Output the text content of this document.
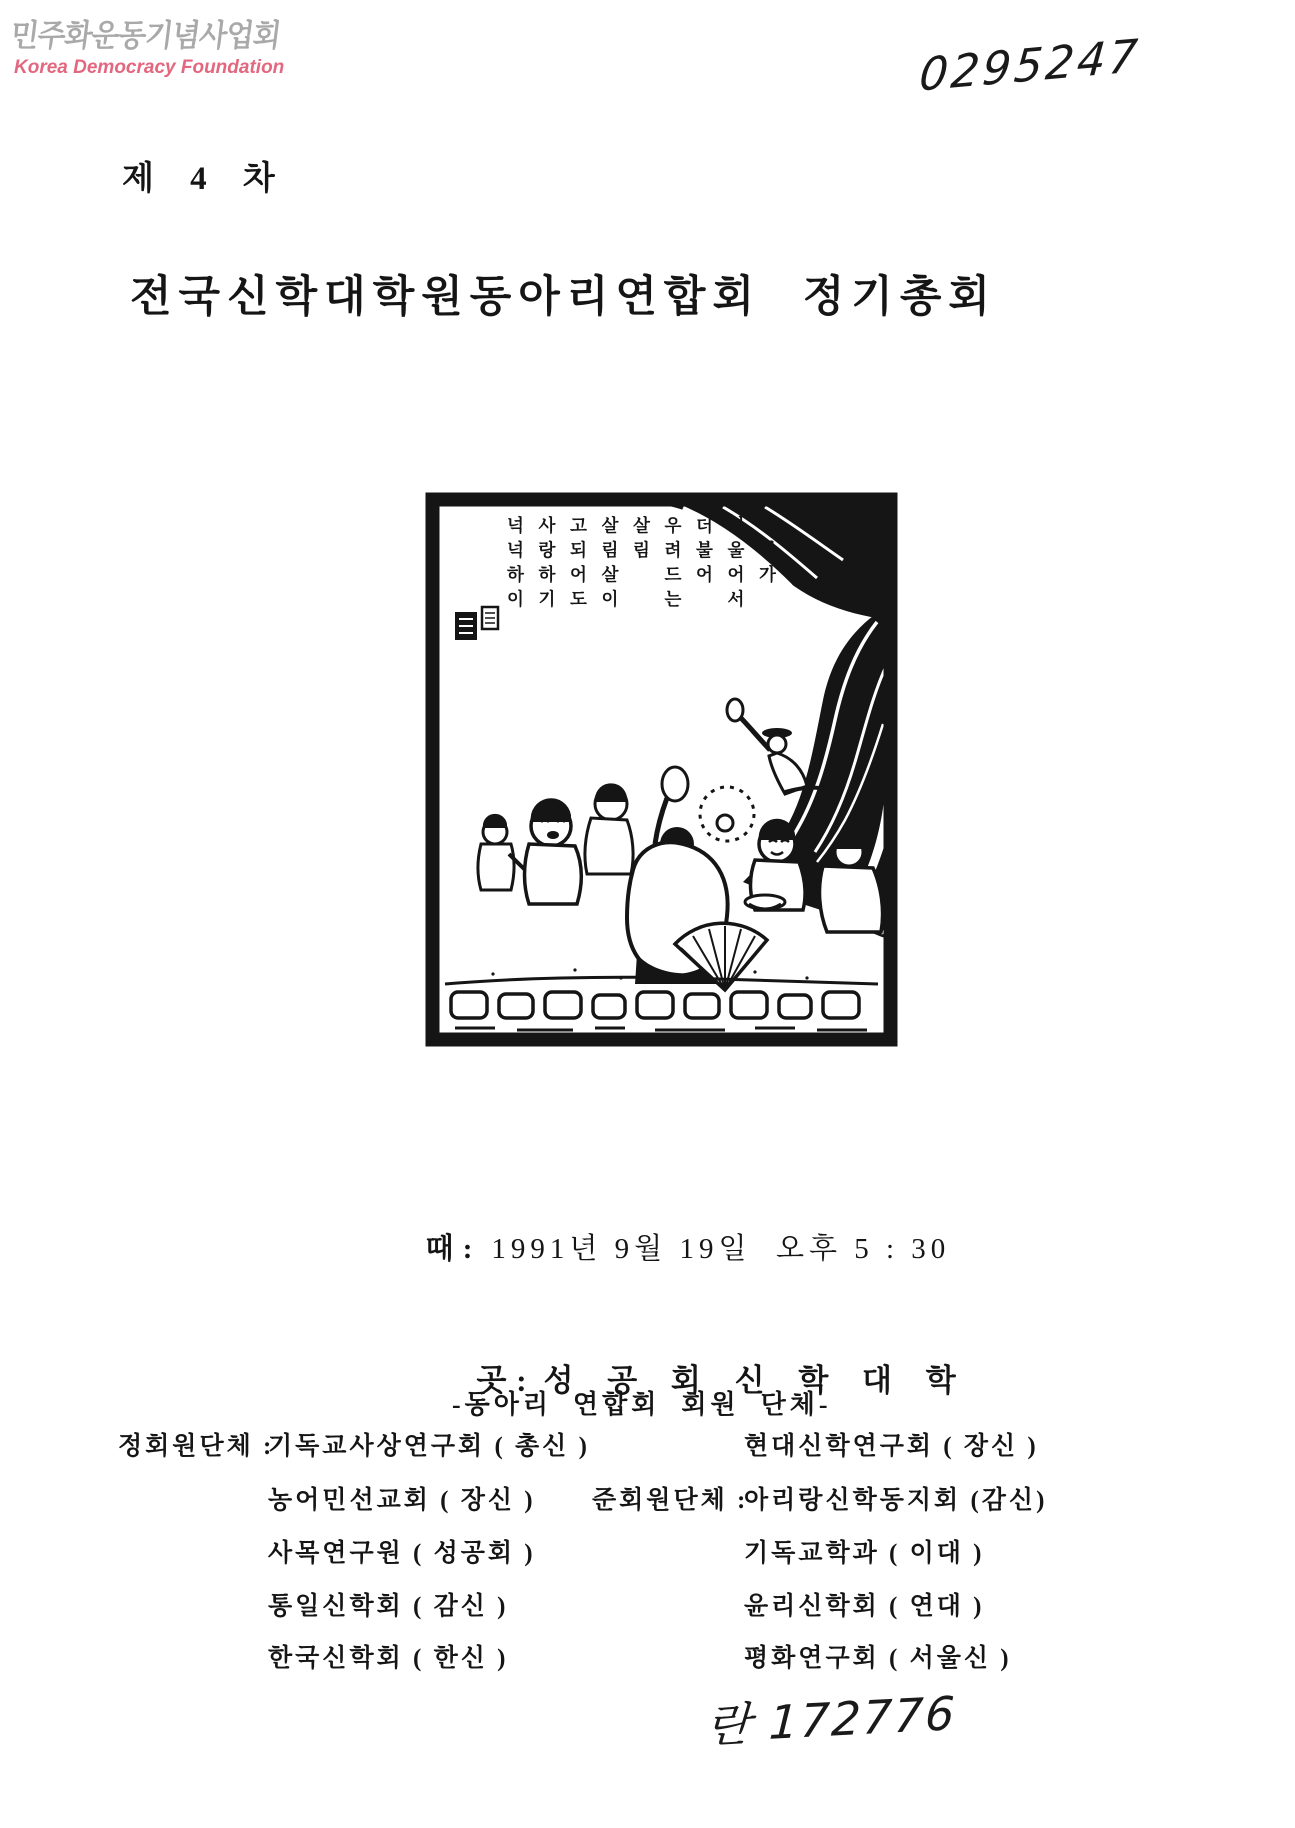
민주화운동기념사업회
Korea Democracy Foundation	0295247
제 4 차
전국신학대학원동아리연합회 정기총회
우리가
어울어서
더불어
우려드는
살림
살림살이
고되어도
사랑하기
넉넉하이

때 : 1991년 9월 19일  오후 5 : 30

곳 : 성 공 회 신 학 대 학

-동아리  연합회  회원  단체-
정회원단체 :
기독교사상연구회 ( 총신 )
농어민선교회 ( 장신 )
사목연구원 ( 성공회 )
통일신학회 ( 감신 )
한국신학회 ( 한신 )
준회원단체 :
현대신학연구회 ( 장신 )
아리랑신학동지회 (감신)
기독교학과 ( 이대 )
윤리신학회 ( 연대 )
평화연구회 ( 서울신 )
란 172776
